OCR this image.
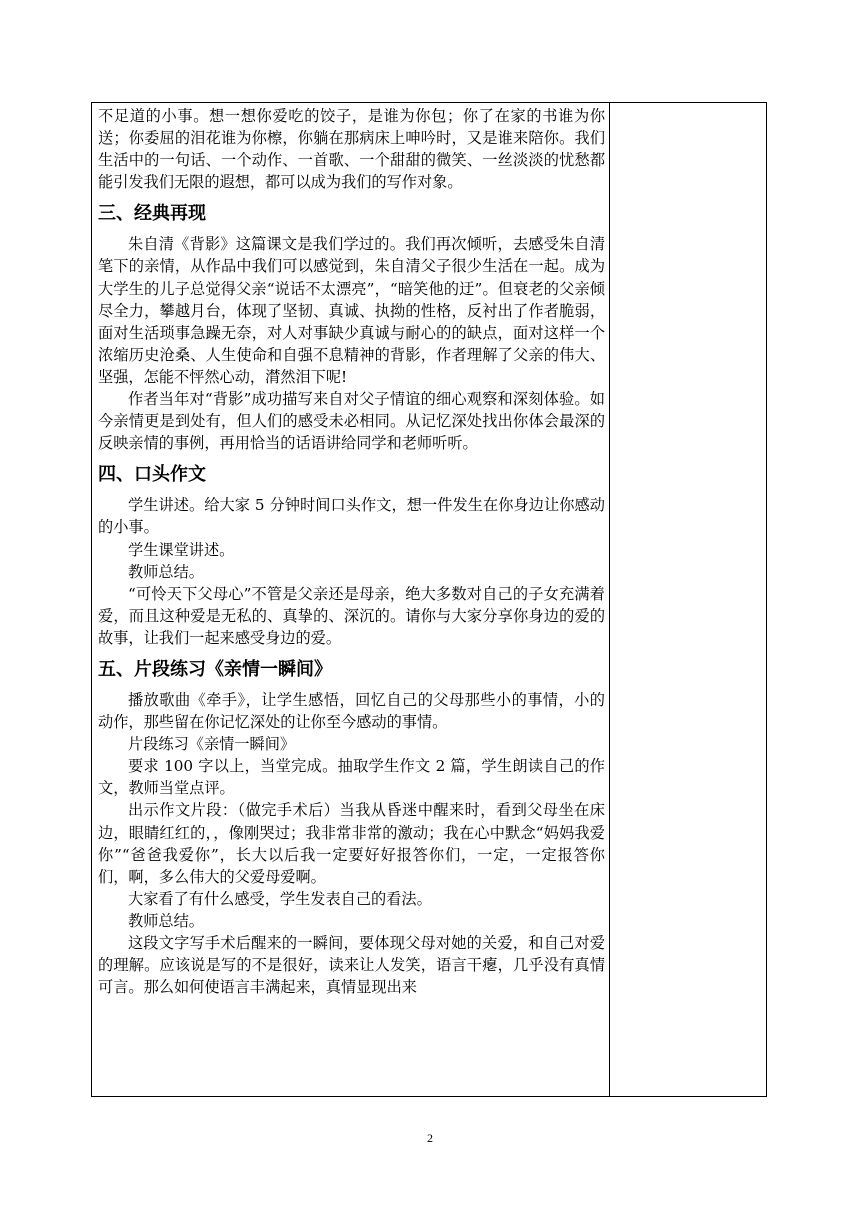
不足道的小事。想一想你爱吃的饺子，是谁为你包；你了在家的书谁为你送；你委屈的泪花谁为你檫，你躺在那病床上呻吟时，又是谁来陪你。我们生活中的一句话、一个动作、一首歌、一个甜甜的微笑、一丝淡淡的忧愁都能引发我们无限的遐想，都可以成为我们的写作对象。

三、经典再现

朱自清《背影》这篇课文是我们学过的。我们再次倾听，去感受朱自清笔下的亲情，从作品中我们可以感觉到，朱自清父子很少生活在一起。成为大学生的儿子总觉得父亲“说话不太漂亮”，“暗笑他的迂”。但衰老的父亲倾尽全力，攀越月台，体现了坚韧、真诚、执拗的性格，反衬出了作者脆弱，面对生活琐事急躁无奈，对人对事缺少真诚与耐心的的缺点，面对这样一个浓缩历史沧桑、人生使命和自强不息精神的背影，作者理解了父亲的伟大、坚强，怎能不怦然心动，潸然泪下呢!

作者当年对“背影”成功描写来自对父子情谊的细心观察和深刻体验。如今亲情更是到处有，但人们的感受未必相同。从记忆深处找出你体会最深的反映亲情的事例，再用恰当的话语讲给同学和老师听听。

四、口头作文

学生讲述。给大家 5 分钟时间口头作文，想一件发生在你身边让你感动的小事。

学生课堂讲述。

教师总结。

“可怜天下父母心”不管是父亲还是母亲，绝大多数对自己的子女充满着爱，而且这种爱是无私的、真挚的、深沉的。请你与大家分享你身边的爱的故事，让我们一起来感受身边的爱。

五、片段练习《亲情一瞬间》

播放歌曲《牵手》，让学生感悟，回忆自己的父母那些小的事情，小的动作，那些留在你记忆深处的让你至今感动的事情。

片段练习《亲情一瞬间》

要求 100 字以上，当堂完成。抽取学生作文 2 篇，学生朗读自己的作文，教师当堂点评。

出示作文片段：（做完手术后）当我从昏迷中醒来时，看到父母坐在床边，眼睛红红的，，像刚哭过；我非常非常的激动；我在心中默念“妈妈我爱你”“爸爸我爱你”，长大以后我一定要好好报答你们，一定，一定报答你们，啊，多么伟大的父爱母爱啊。

大家看了有什么感受，学生发表自己的看法。

教师总结。

这段文字写手术后醒来的一瞬间，要体现父母对她的关爱，和自己对爱的理解。应该说是写的不是很好，读来让人发笑，语言干瘪，几乎没有真情可言。那么如何使语言丰满起来，真情显现出来

2
